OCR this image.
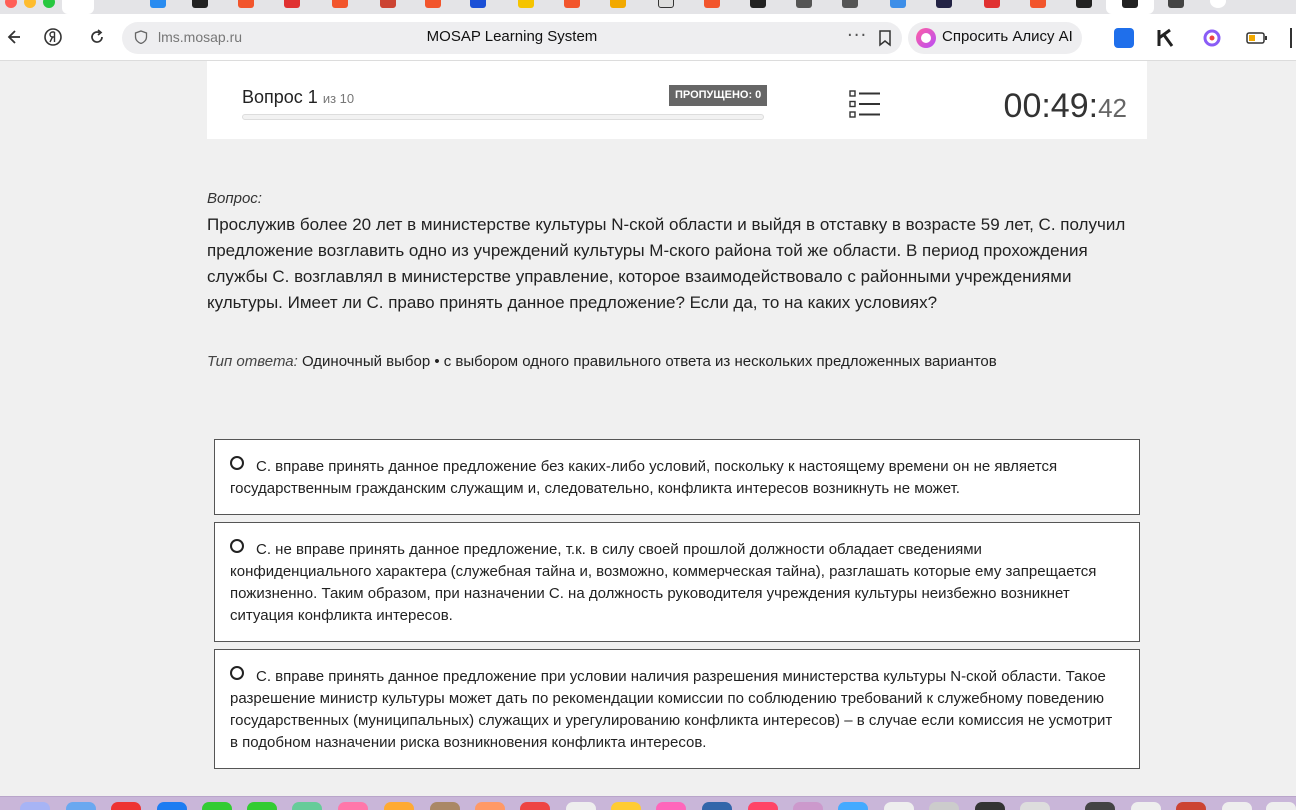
lms.mosap.ru	MOSAP Learning System	···	Спросить Алису AI
Вопрос 1 из 10	ПРОПУЩЕНО: 0	00:49:42
Вопрос:
Прослужив более 20 лет в министерстве культуры N-ской области и выйдя в отставку в возрасте 59 лет, С. получил предложение возглавить одно из учреждений культуры M-ского района той же области. В период прохождения службы С. возглавлял в министерстве управление, которое взаимодействовало с районными учреждениями культуры. Имеет ли С. право принять данное предложение? Если да, то на каких условиях?
Тип ответа: Одиночный выбор • с выбором одного правильного ответа из нескольких предложенных вариантов
С. вправе принять данное предложение без каких-либо условий, поскольку к настоящему времени он не является государственным гражданским служащим и, следовательно, конфликта интересов возникнуть не может.
С. не вправе принять данное предложение, т.к. в силу своей прошлой должности обладает сведениями конфиденциального характера (служебная тайна и, возможно, коммерческая тайна), разглашать которые ему запрещается пожизненно. Таким образом, при назначении С. на должность руководителя учреждения культуры неизбежно возникнет ситуация конфликта интересов.
С. вправе принять данное предложение при условии наличия разрешения министерства культуры N-ской области. Такое разрешение министр культуры может дать по рекомендации комиссии по соблюдению требований к служебному поведению государственных (муниципальных) служащих и урегулированию конфликта интересов) – в случае если комиссия не усмотрит в подобном назначении риска возникновения конфликта интересов.
